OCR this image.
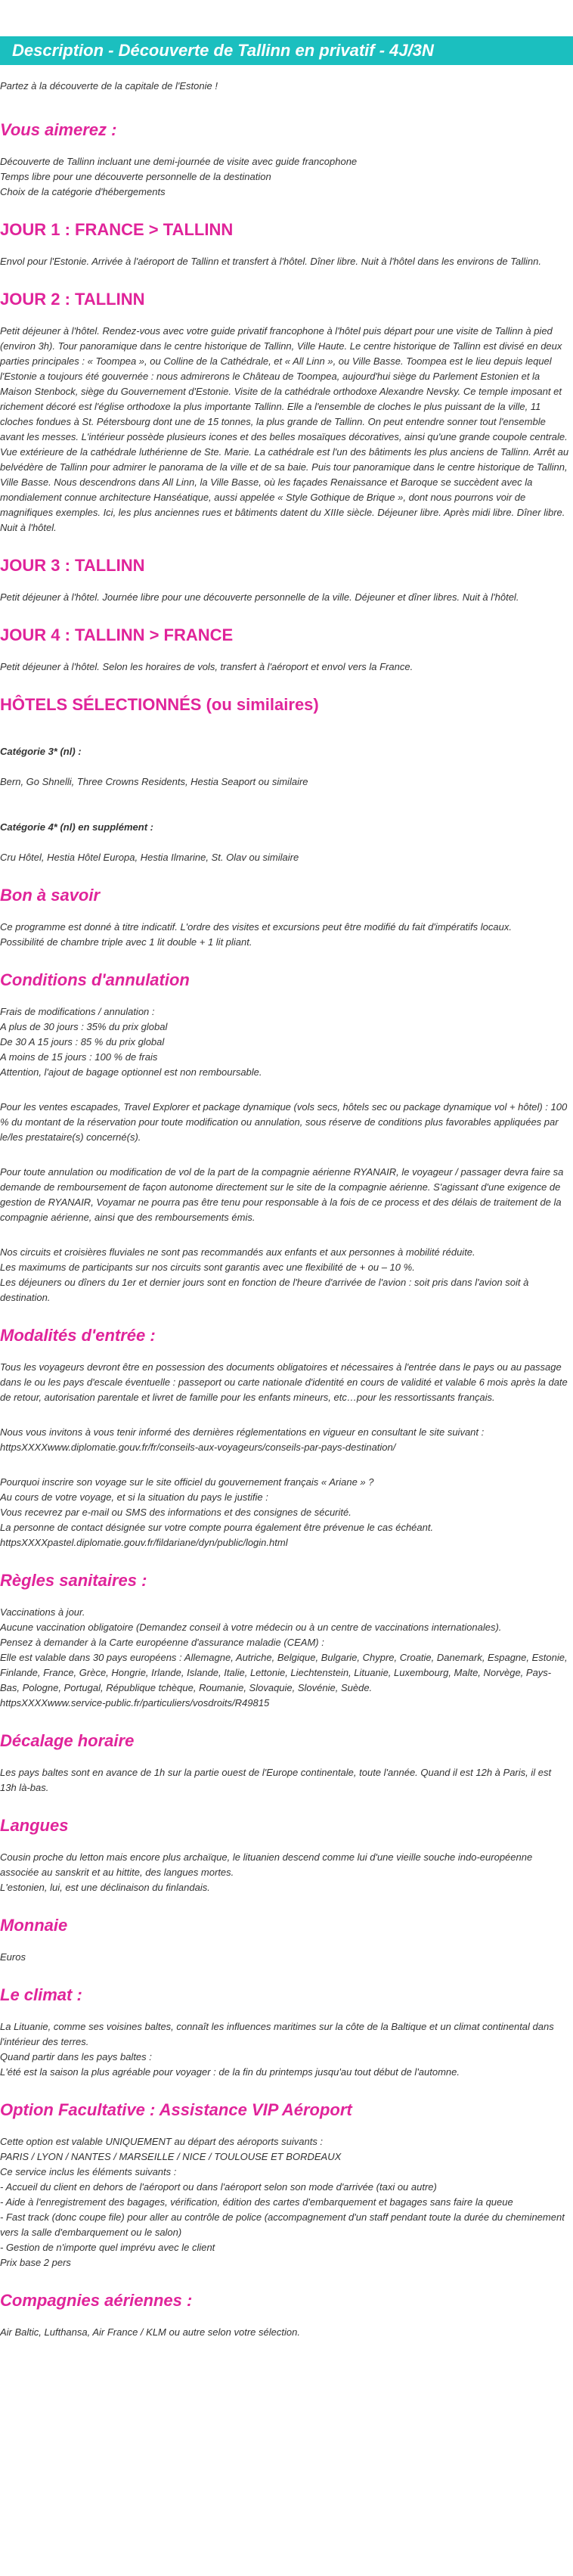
Description - Découverte de Tallinn en privatif - 4J/3N

Partez à la découverte de la capitale de l'Estonie !

Vous aimerez :

Découverte de Tallinn incluant une demi-journée de visite avec guide francophone
Temps libre pour une découverte personnelle de la destination
Choix de la catégorie d'hébergements

JOUR 1 : FRANCE > TALLINN

Envol pour l'Estonie. Arrivée à l'aéroport de Tallinn et transfert à l'hôtel. Dîner libre. Nuit à l'hôtel dans les environs de Tallinn.

JOUR 2 : TALLINN

Petit déjeuner à l'hôtel. Rendez-vous avec votre guide privatif francophone à l'hôtel puis départ pour une visite de Tallinn à pied (environ 3h). Tour panoramique dans le centre historique de Tallinn, Ville Haute. Le centre historique de Tallinn est divisé en deux parties principales : « Toompea », ou Colline de la Cathédrale, et « All Linn », ou Ville Basse. Toompea est le lieu depuis lequel l'Estonie a toujours été gouvernée : nous admirerons le Château de Toompea, aujourd'hui siège du Parlement Estonien et la Maison Stenbock, siège du Gouvernement d'Estonie. Visite de la cathédrale orthodoxe Alexandre Nevsky. Ce temple imposant et richement décoré est l'église orthodoxe la plus importante Tallinn. Elle a l'ensemble de cloches le plus puissant de la ville, 11 cloches fondues à St. Pétersbourg dont une de 15 tonnes, la plus grande de Tallinn. On peut entendre sonner tout l'ensemble avant les messes. L'intérieur possède plusieurs icones et des belles mosaïques décoratives, ainsi qu'une grande coupole centrale. Vue extérieure de la cathédrale luthérienne de Ste. Marie. La cathédrale est l'un des bâtiments les plus anciens de Tallinn. Arrêt au belvédère de Tallinn pour admirer le panorama de la ville et de sa baie. Puis tour panoramique dans le centre historique de Tallinn, Ville Basse. Nous descendrons dans All Linn, la Ville Basse, où les façades Renaissance et Baroque se succèdent avec la mondialement connue architecture Hanséatique, aussi appelée « Style Gothique de Brique », dont nous pourrons voir de magnifiques exemples. Ici, les plus anciennes rues et bâtiments datent du XIIIe siècle. Déjeuner libre. Après midi libre. Dîner libre. Nuit à l'hôtel.

JOUR 3 : TALLINN

Petit déjeuner à l'hôtel. Journée libre pour une découverte personnelle de la ville. Déjeuner et dîner libres. Nuit à l'hôtel.

JOUR 4 : TALLINN > FRANCE

Petit déjeuner à l'hôtel. Selon les horaires de vols, transfert à l'aéroport et envol vers la France.

HÔTELS SÉLECTIONNÉS (ou similaires)

Catégorie 3* (nl) :

Bern, Go Shnelli, Three Crowns Residents, Hestia Seaport ou similaire

Catégorie 4* (nl) en supplément :

Cru Hôtel, Hestia Hôtel Europa, Hestia Ilmarine, St. Olav ou similaire

Bon à savoir

Ce programme est donné à titre indicatif. L'ordre des visites et excursions peut être modifié du fait d'impératifs locaux.
Possibilité de chambre triple avec 1 lit double + 1 lit pliant.

Conditions d'annulation

Frais de modifications / annulation :
A plus de 30 jours : 35% du prix global
De 30 A 15 jours : 85 % du prix global
A moins de 15 jours : 100 % de frais
Attention, l'ajout de bagage optionnel est non remboursable.

Pour les ventes escapades, Travel Explorer et package dynamique (vols secs, hôtels sec ou package dynamique vol + hôtel) : 100 % du montant de la réservation pour toute modification ou annulation, sous réserve de conditions plus favorables appliquées par le/les prestataire(s) concerné(s).

Pour toute annulation ou modification de vol de la part de la compagnie aérienne RYANAIR, le voyageur / passager devra faire sa demande de remboursement de façon autonome directement sur le site de la compagnie aérienne. S'agissant d'une exigence de gestion de RYANAIR, Voyamar ne pourra pas être tenu pour responsable à la fois de ce process et des délais de traitement de la compagnie aérienne, ainsi que des remboursements émis.

Nos circuits et croisières fluviales ne sont pas recommandés aux enfants et aux personnes à mobilité réduite.
Les maximums de participants sur nos circuits sont garantis avec une flexibilité de + ou – 10 %.
Les déjeuners ou dîners du 1er et dernier jours sont en fonction de l'heure d'arrivée de l'avion : soit pris dans l'avion soit à destination.

Modalités d'entrée :

Tous les voyageurs devront être en possession des documents obligatoires et nécessaires à l'entrée dans le pays ou au passage dans le ou les pays d'escale éventuelle : passeport ou carte nationale d'identité en cours de validité et valable 6 mois après la date de retour, autorisation parentale et livret de famille pour les enfants mineurs, etc…pour les ressortissants français.

Nous vous invitons à vous tenir informé des dernières réglementations en vigueur en consultant le site suivant : httpsXXXXwww.diplomatie.gouv.fr/fr/conseils-aux-voyageurs/conseils-par-pays-destination/

Pourquoi inscrire son voyage sur le site officiel du gouvernement français « Ariane » ?
Au cours de votre voyage, et si la situation du pays le justifie :
Vous recevrez par e-mail ou SMS des informations et des consignes de sécurité.
La personne de contact désignée sur votre compte pourra également être prévenue le cas échéant.
httpsXXXXpastel.diplomatie.gouv.fr/fildariane/dyn/public/login.html

Règles sanitaires :

Vaccinations à jour.
Aucune vaccination obligatoire (Demandez conseil à votre médecin ou à un centre de vaccinations internationales).
Pensez à demander à la Carte européenne d'assurance maladie (CEAM) :
Elle est valable dans 30 pays européens : Allemagne, Autriche, Belgique, Bulgarie, Chypre, Croatie, Danemark, Espagne, Estonie, Finlande, France, Grèce, Hongrie, Irlande, Islande, Italie, Lettonie, Liechtenstein, Lituanie, Luxembourg, Malte, Norvège, Pays-Bas, Pologne, Portugal, République tchèque, Roumanie, Slovaquie, Slovénie, Suède.
httpsXXXXwww.service-public.fr/particuliers/vosdroits/R49815

Décalage horaire

Les pays baltes sont en avance de 1h sur la partie ouest de l'Europe continentale, toute l'année. Quand il est 12h à Paris, il est 13h là-bas.

Langues

Cousin proche du letton mais encore plus archaïque, le lituanien descend comme lui d'une vieille souche indo-européenne associée au sanskrit et au hittite, des langues mortes.
L'estonien, lui, est une déclinaison du finlandais.

Monnaie

Euros

Le climat :

La Lituanie, comme ses voisines baltes, connaît les influences maritimes sur la côte de la Baltique et un climat continental dans l'intérieur des terres.
Quand partir dans les pays baltes :
L'été est la saison la plus agréable pour voyager : de la fin du printemps jusqu'au tout début de l'automne.

Option Facultative : Assistance VIP Aéroport

Cette option est valable UNIQUEMENT au départ des aéroports suivants :
PARIS / LYON / NANTES / MARSEILLE / NICE / TOULOUSE ET BORDEAUX
Ce service inclus les éléments suivants :
- Accueil du client en dehors de l'aéroport ou dans l'aéroport selon son mode d'arrivée (taxi ou autre)
- Aide à l'enregistrement des bagages, vérification, édition des cartes d'embarquement et bagages sans faire la queue
- Fast track (donc coupe file) pour aller au contrôle de police (accompagnement d'un staff pendant toute la durée du cheminement vers la salle d'embarquement ou le salon)
- Gestion de n'importe quel imprévu avec le client
Prix base 2 pers

Compagnies aériennes :

Air Baltic, Lufthansa, Air France / KLM ou autre selon votre sélection.
